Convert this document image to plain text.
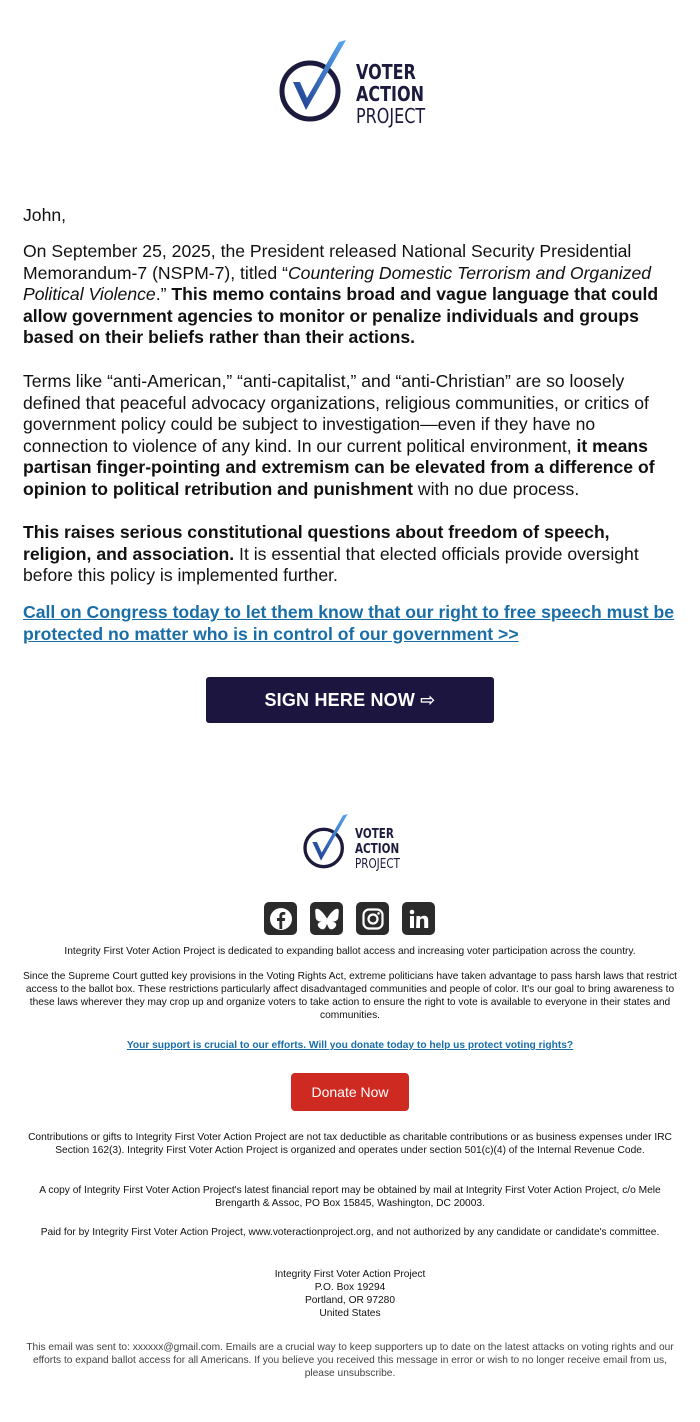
VOTER
ACTION
PROJECT
John,
On September 25, 2025, the President released National Security Presidential Memorandum-7 (NSPM-7), titled “Countering Domestic Terrorism and Organized Political Violence.” This memo contains broad and vague language that could allow government agencies to monitor or penalize individuals and groups based on their beliefs rather than their actions.
Terms like “anti-American,” “anti-capitalist,” and “anti-Christian” are so loosely defined that peaceful advocacy organizations, religious communities, or critics of government policy could be subject to investigation—even if they have no connection to violence of any kind. In our current political environment, it means partisan finger-pointing and extremism can be elevated from a difference of opinion to political retribution and punishment with no due process.
This raises serious constitutional questions about freedom of speech, religion, and association. It is essential that elected officials provide oversight before this policy is implemented further.
Call on Congress today to let them know that our right to free speech must be protected no matter who is in control of our government >>
SIGN HERE NOW ⇨
VOTER
ACTION
PROJECT
Integrity First Voter Action Project is dedicated to expanding ballot access and increasing voter participation across the country.
Since the Supreme Court gutted key provisions in the Voting Rights Act, extreme politicians have taken advantage to pass harsh laws that restrict access to the ballot box. These restrictions particularly affect disadvantaged communities and people of color. It's our goal to bring awareness to these laws wherever they may crop up and organize voters to take action to ensure the right to vote is available to everyone in their states and communities.
Your support is crucial to our efforts. Will you donate today to help us protect voting rights?
Donate Now
Contributions or gifts to Integrity First Voter Action Project are not tax deductible as charitable contributions or as business expenses under IRC Section 162(3). Integrity First Voter Action Project is organized and operates under section 501(c)(4) of the Internal Revenue Code.
A copy of Integrity First Voter Action Project's latest financial report may be obtained by mail at Integrity First Voter Action Project, c/o Mele Brengarth & Assoc, PO Box 15845, Washington, DC 20003.
Paid for by Integrity First Voter Action Project, www.voteractionproject.org, and not authorized by any candidate or candidate's committee.
Integrity First Voter Action Project
P.O. Box 19294
Portland, OR 97280
United States
This email was sent to: xxxxxx@gmail.com. Emails are a crucial way to keep supporters up to date on the latest attacks on voting rights and our efforts to expand ballot access for all Americans. If you believe you received this message in error or wish to no longer receive email from us, please unsubscribe.
